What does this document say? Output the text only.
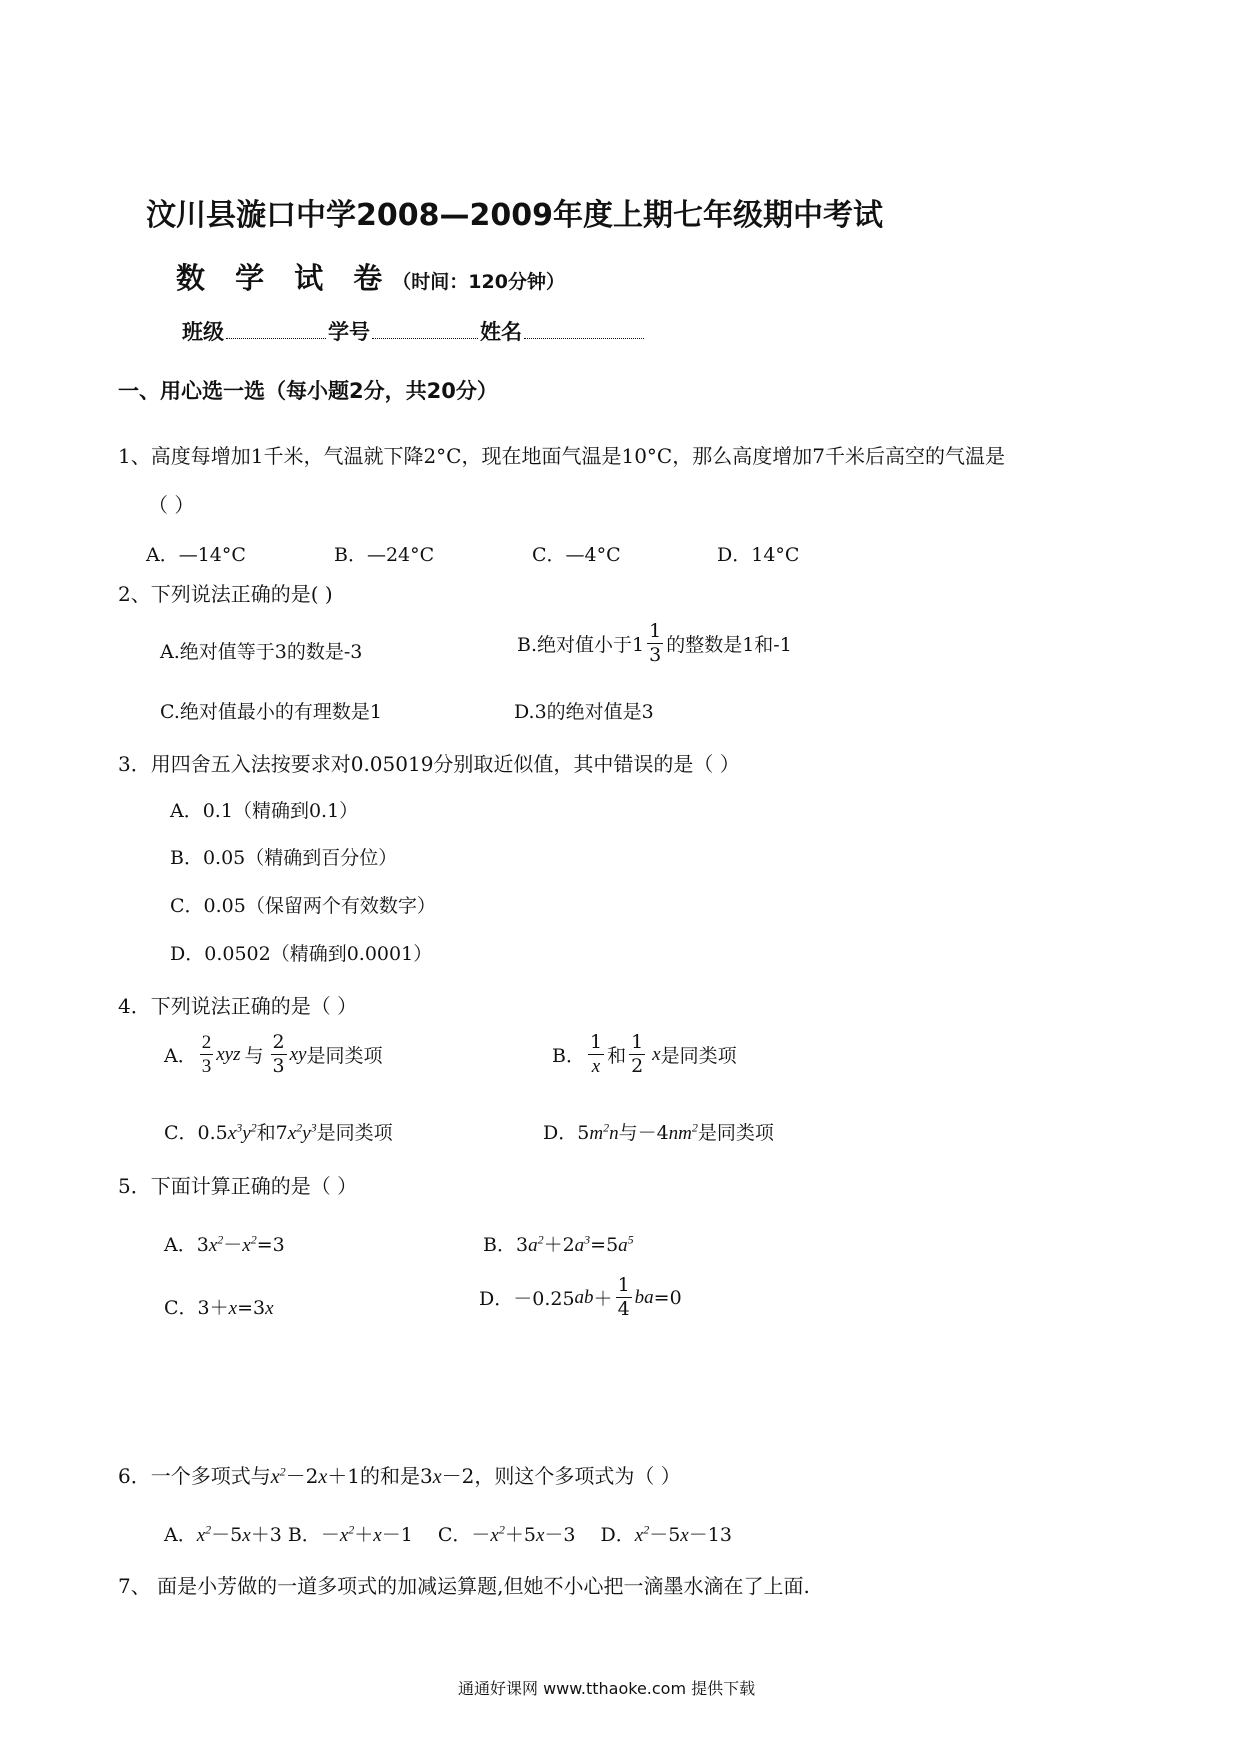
汶川县漩口中学2008—2009年度上期七年级期中考试
数 学 试 卷（时间：120分钟）
班级	学号	姓名
一、用心选一选（每小题2分，共20分）
1、高度每增加1千米，气温就下降2°C，现在地面气温是10°C，那么高度增加7千米后高空的气温是
（ ）
A．—14°C	B．—24°C	C．—4°C	D．14°C
2、下列说法正确的是( )
A.绝对值等于3的数是-3	B.绝对值小于$1 \frac{1}{3}$ 的整数是1和-1
C.绝对值最小的有理数是1	D.3的绝对值是3
3．用四舍五入法按要求对0.05019分别取近似值，其中错误的是（ ）
A．0.1（精确到0.1）
B．0.05（精确到百分位）
C．0.05（保留两个有效数字）
D．0.0502（精确到0.0001）
4．下列说法正确的是（ ）
A． $\frac{2}{3}$ xyz 与 $\frac{2}{3}$ xy 是同类项	B． $\frac{1}{x}$ 和 $\frac{1}{2}$ x 是同类项
C．$0.5x^3y^2$和$7x^2y^3$是同类项	D．$5m^2n$与$-4nm^2$是同类项
5．下面计算正确的是（ ）
A．$3x^2-x^2=3$	B．$3a^2+2a^3=5a^5$
C．3＋x=3x	D．－0.25 ab ＋ $\frac{1}{4}$ ba =0
6．一个多项式与$x^2-2x+1$的和是3x－2，则这个多项式为（ ）
A．$x^2-5x+3$ B．$-x^2+x-1$　 C．$-x^2+5x-3$　 D．$x^2-5x-13$
7、 面是小芳做的一道多项式的加减运算题,但她不小心把一滴墨水滴在了上面.
通通好课网 www.tthaoke.com 提供下载
